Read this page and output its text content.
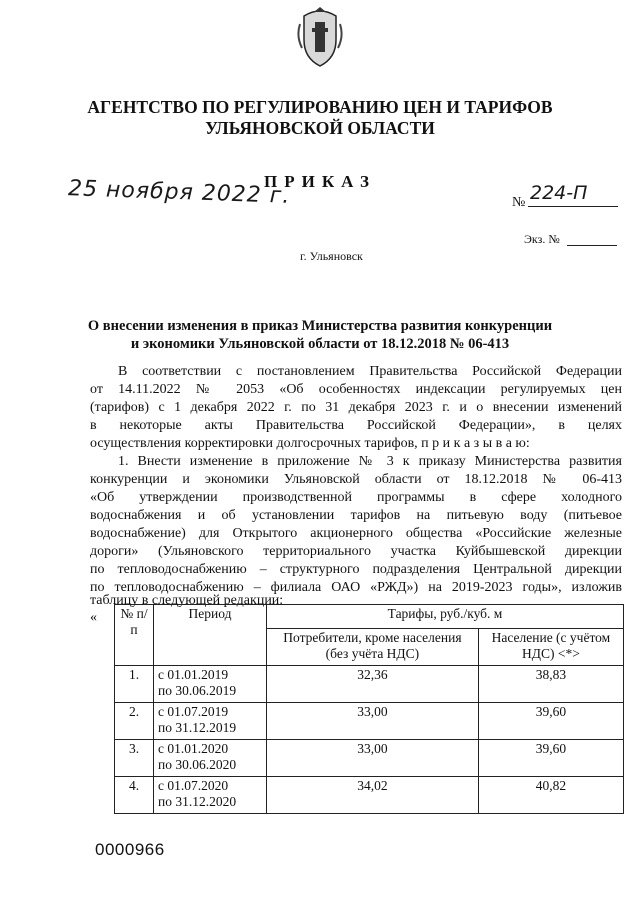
АГЕНТСТВО ПО РЕГУЛИРОВАНИЮ ЦЕН И ТАРИФОВ
УЛЬЯНОВСКОЙ ОБЛАСТИ
ПРИКАЗ
25 ноября 2022 г.	№ 224-П
Экз. №
г. Ульяновск
О внесении изменения в приказ Министерства развития конкуренции
и экономики Ульяновской области от 18.12.2018 № 06-413
В соответствии с постановлением Правительства Российской Федерации
от 14.11.2022 № 2053 «Об особенностях индексации регулируемых цен
(тарифов) с 1 декабря 2022 г. по 31 декабря 2023 г. и о внесении изменений
в некоторые акты Правительства Российской Федерации», в целях
осуществления корректировки долгосрочных тарифов, п р и к а з ы в а ю:
1. Внести изменение в приложение № 3 к приказу Министерства развития
конкуренции и экономики Ульяновской области от 18.12.2018 № 06-413
«Об утверждении производственной программы в сфере холодного
водоснабжения и об установлении тарифов на питьевую воду (питьевое
водоснабжение) для Открытого акционерного общества «Российские железные
дороги» (Ульяновского территориального участка Куйбышевской дирекции
по тепловодоснабжению – структурного подразделения Центральной дирекции
по тепловодоснабжению – филиала ОАО «РЖД») на 2019-2023 годы», изложив
таблицу в следующей редакции:
« № п/п	Период	Тарифы, руб./куб. м	
		Потребители, кроме населения (без учёта НДС)	Население (с учётом НДС) <*>
1.	с 01.01.2019
по 30.06.2019	32,36	38,83
2.	с 01.07.2019
по 31.12.2019	33,00	39,60
3.	с 01.01.2020
по 30.06.2020	33,00	39,60
4.	с 01.07.2020
по 31.12.2020	34,02	40,82
0000966
